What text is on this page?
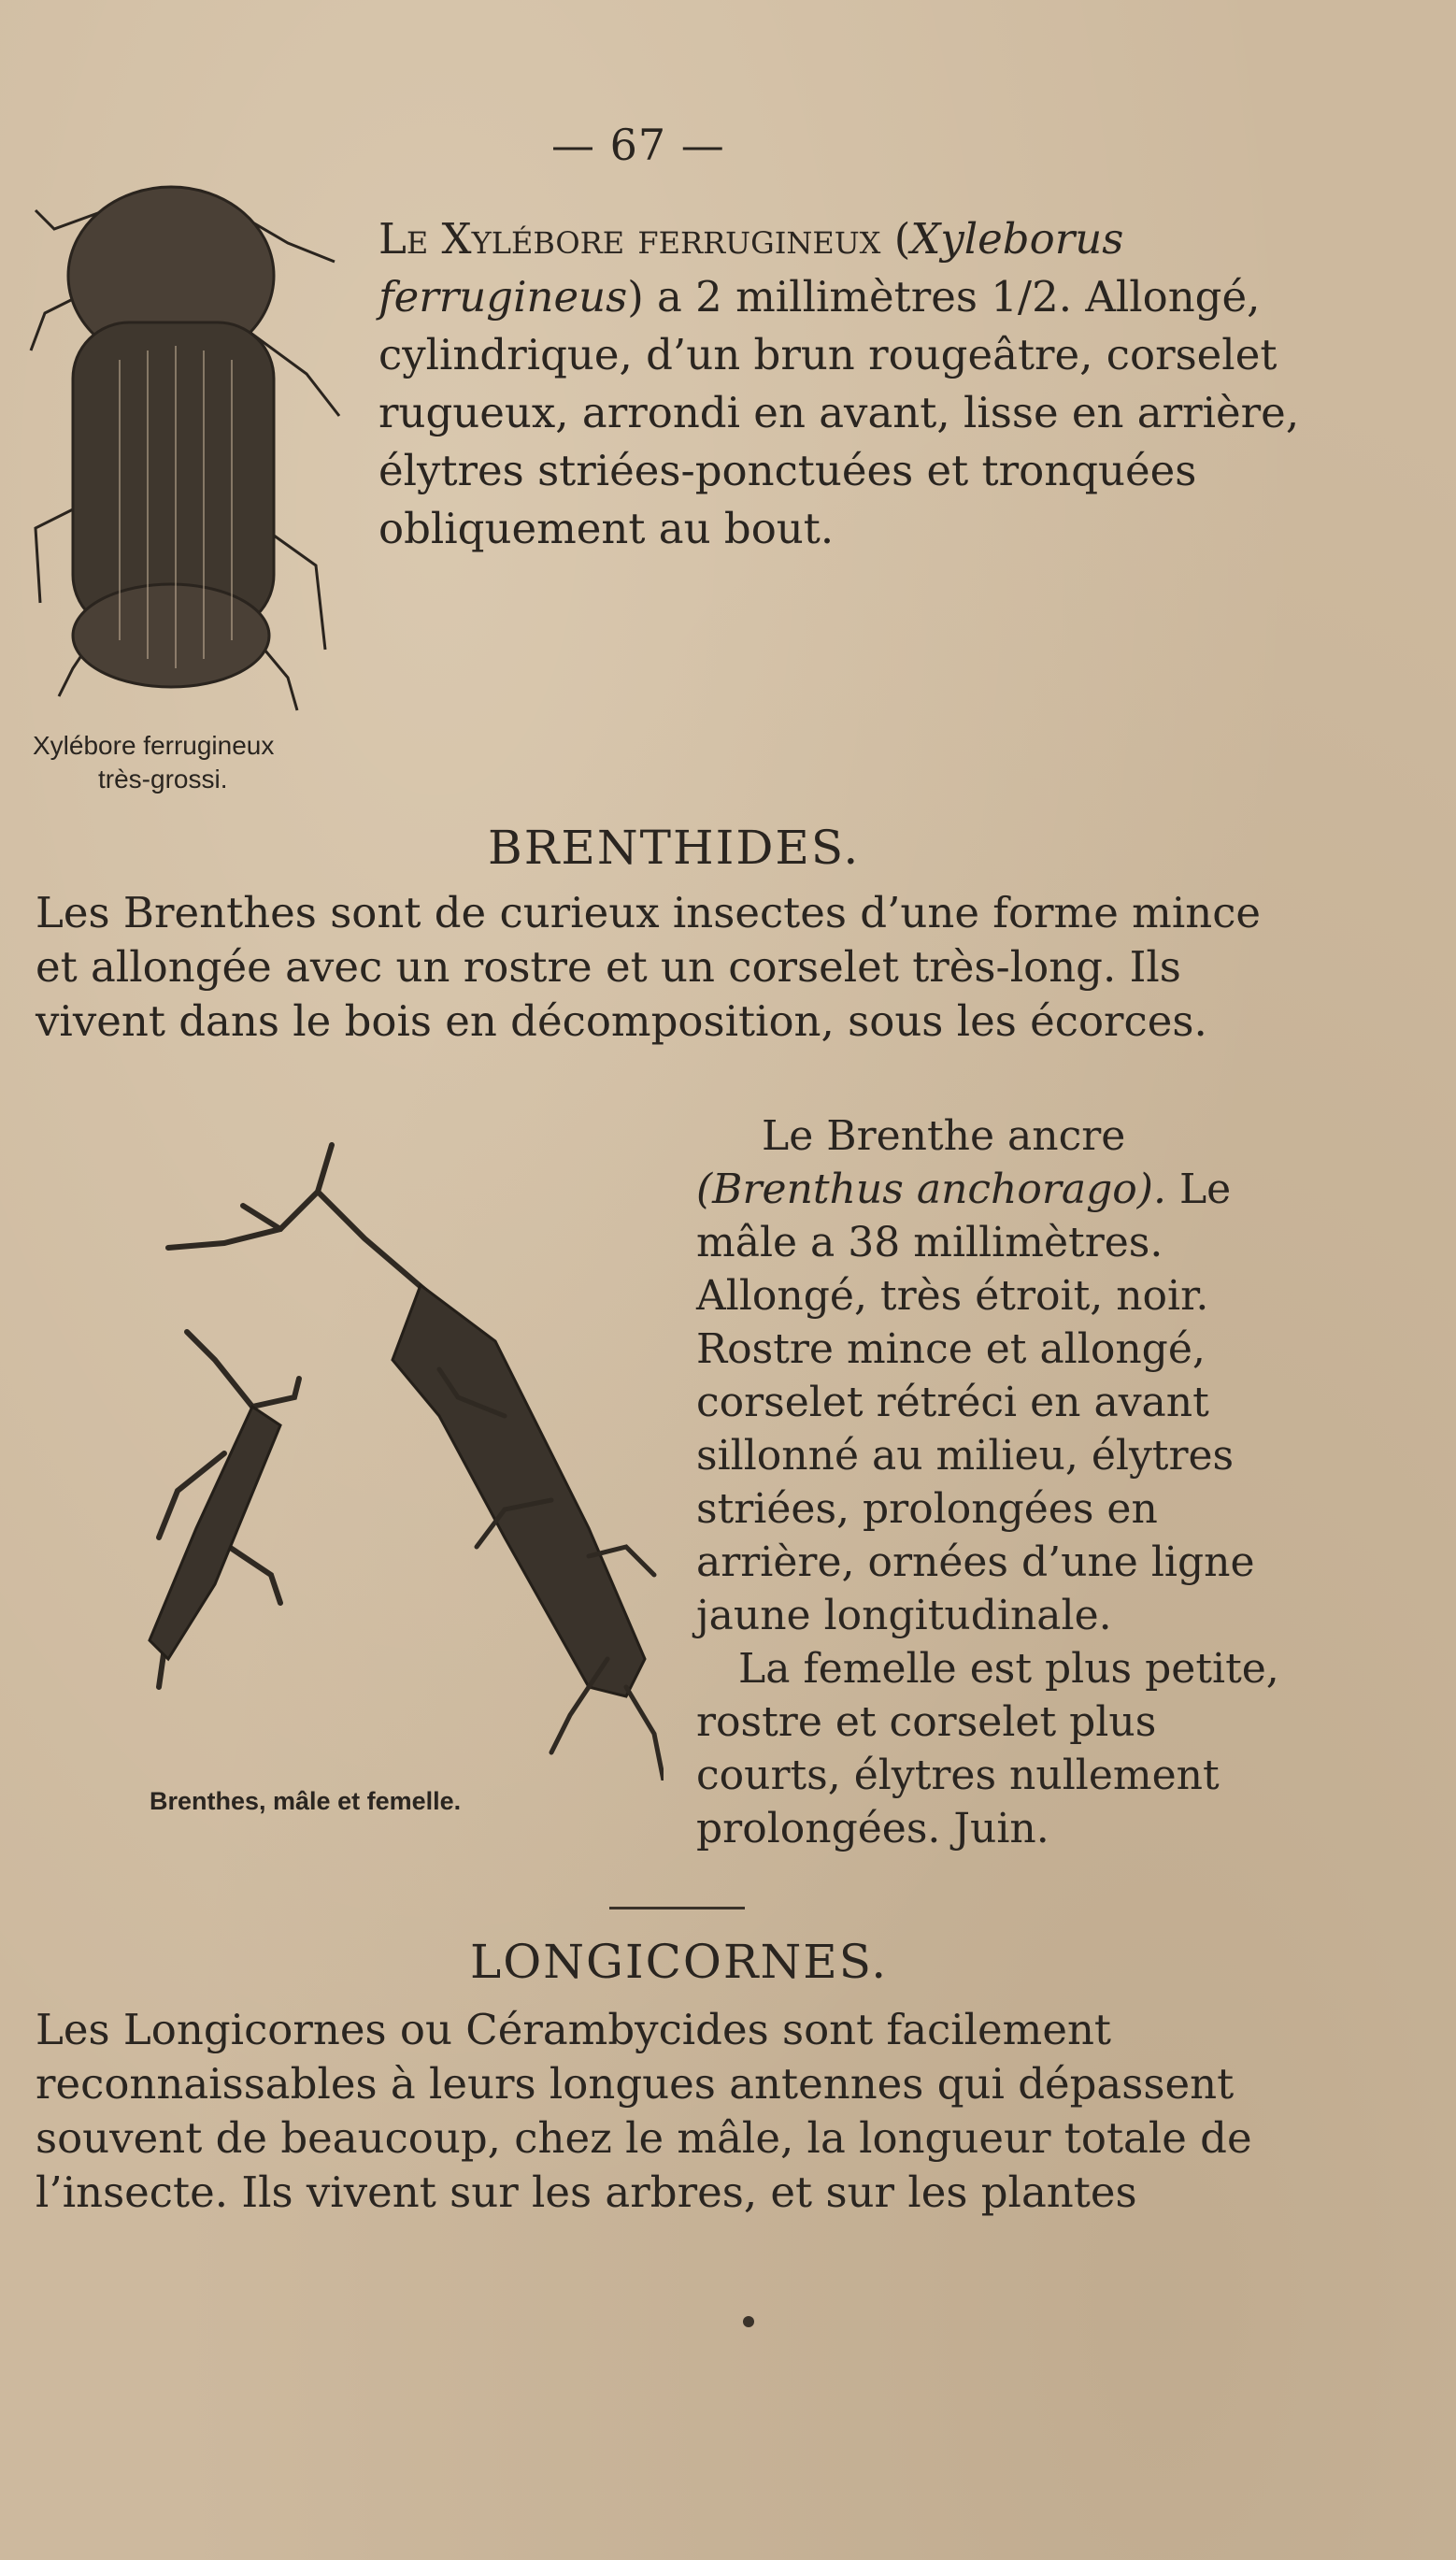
— 67 —
Le Xylébore ferrugineux (Xyleborus ferrugineus) a 2 millimètres 1/2. Allongé, cylindrique, d’un brun rougeâtre, corselet rugueux, arrondi en avant, lisse en arrière, élytres striées-ponctuées et tronquées obliquement au bout.
Xylébore ferrugineux
très-grossi.
BRENTHIDES.
Les Brenthes sont de curieux insectes d’une forme mince et allongée avec un rostre et un corselet très-long. Ils vivent dans le bois en décomposition, sous les écorces.

Le Brenthe ancre (Brenthus anchorago). Le mâle a 38 millimètres. Allongé, très étroit, noir. Rostre mince et allongé, corselet rétréci en avant sillonné au milieu, élytres striées, prolongées en arrière, ornées d’une ligne jaune longitudinale.

La femelle est plus petite, rostre et corselet plus courts, élytres nullement prolongées. Juin.

Brenthes, mâle et femelle.
LONGICORNES.
Les Longicornes ou Cérambycides sont facilement reconnaissables à leurs longues antennes qui dépassent souvent de beaucoup, chez le mâle, la longueur totale de l’insecte. Ils vivent sur les arbres, et sur les plantes
